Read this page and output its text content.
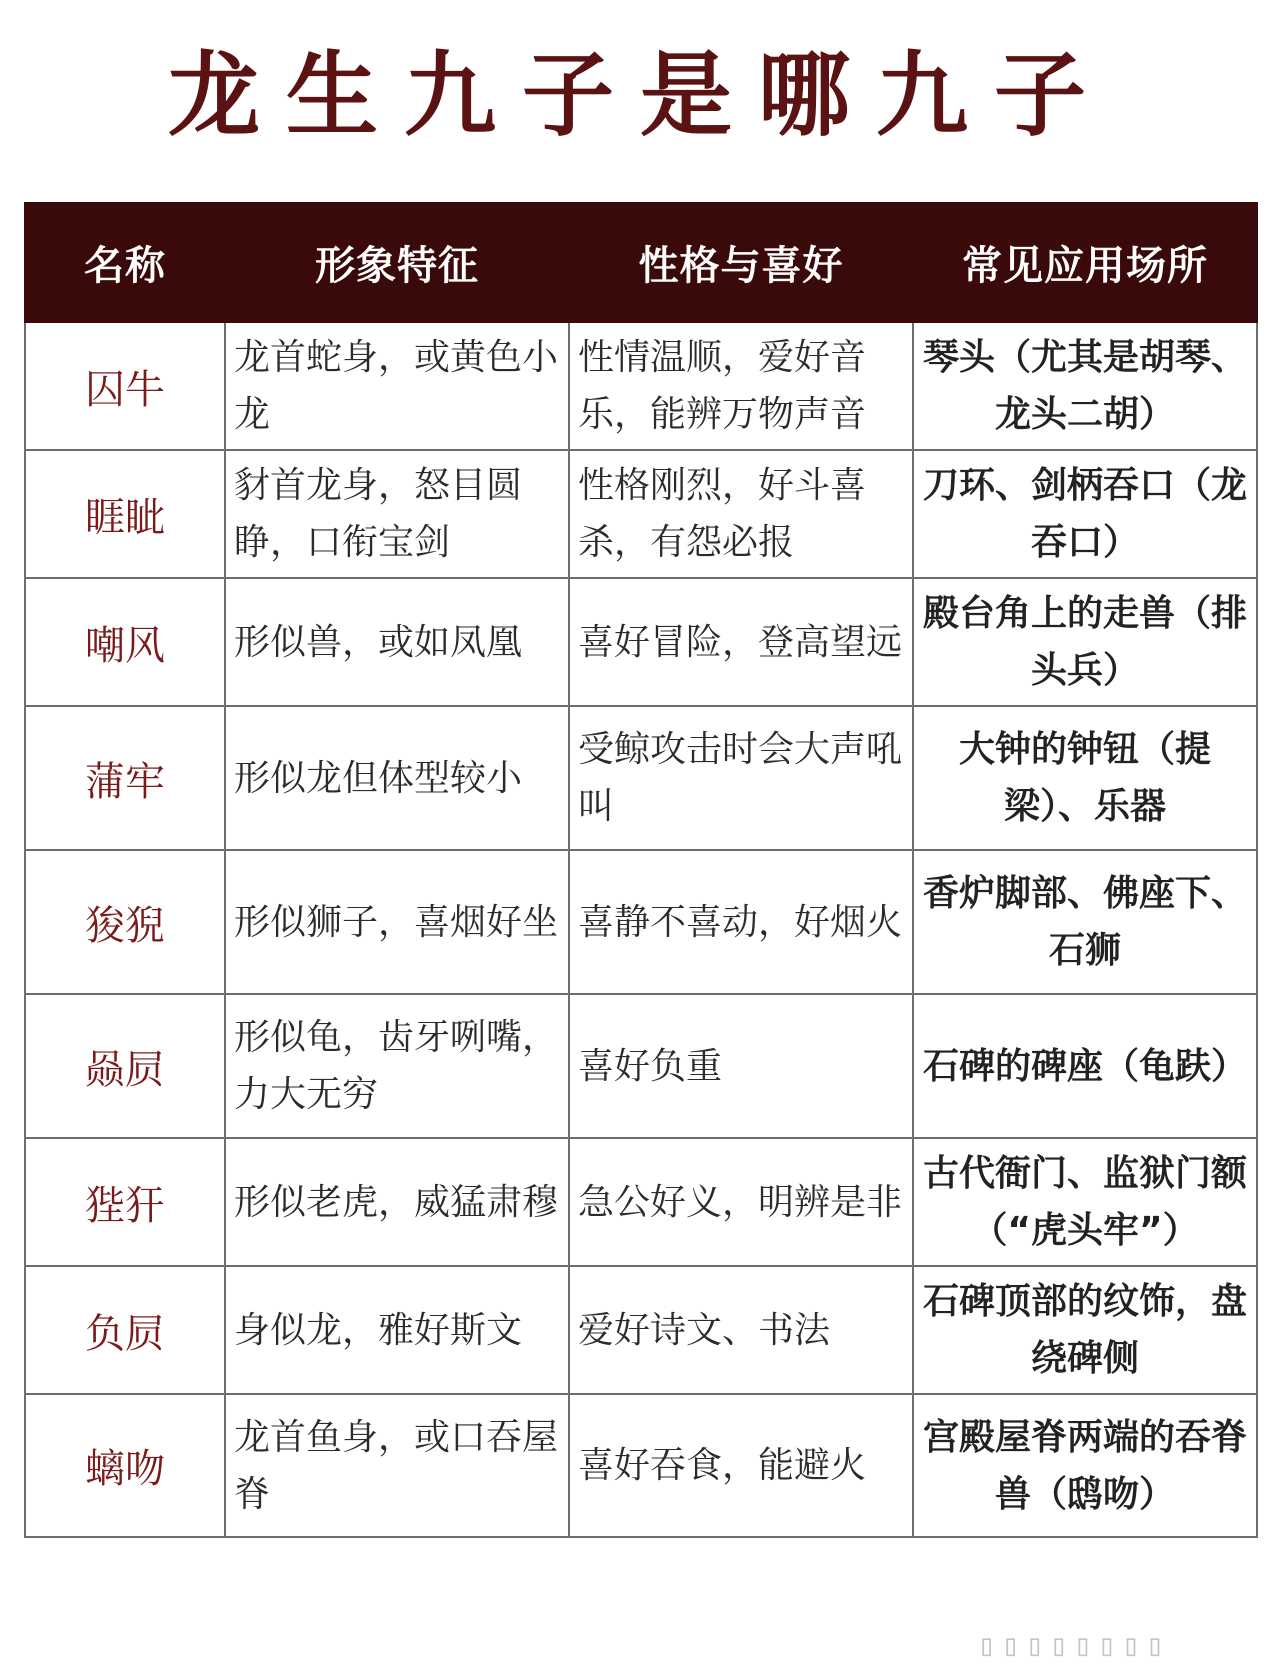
龙生九子是哪九子
名称	形象特征	性格与喜好	常见应用场所
囚牛	龙首蛇身，或黄色小龙	性情温顺，爱好音乐，能辨万物声音	琴头（尤其是胡琴、龙头二胡）
睚眦	豺首龙身，怒目圆睁，口衔宝剑	性格刚烈，好斗喜杀，有怨必报	刀环、剑柄吞口（龙吞口）
嘲风	形似兽，或如凤凰	喜好冒险，登高望远	殿台角上的走兽（排头兵）
蒲牢	形似龙但体型较小	受鲸攻击时会大声吼叫	大钟的钟钮（提梁）、乐器
狻猊	形似狮子，喜烟好坐	喜静不喜动，好烟火	香炉脚部、佛座下、石狮
赑屃	形似龟，齿牙咧嘴，力大无穷	喜好负重	石碑的碑座（龟趺）
狴犴	形似老虎，威猛肃穆	急公好义，明辨是非	古代衙门、监狱门额（“虎头牢”）
负屃	身似龙，雅好斯文	爱好诗文、书法	石碑顶部的纹饰，盘绕碑侧
螭吻	龙首鱼身，或口吞屋脊	喜好吞食，能避火	宫殿屋脊两端的吞脊兽（鸱吻）
▯▯▯▯▯▯▯▯
